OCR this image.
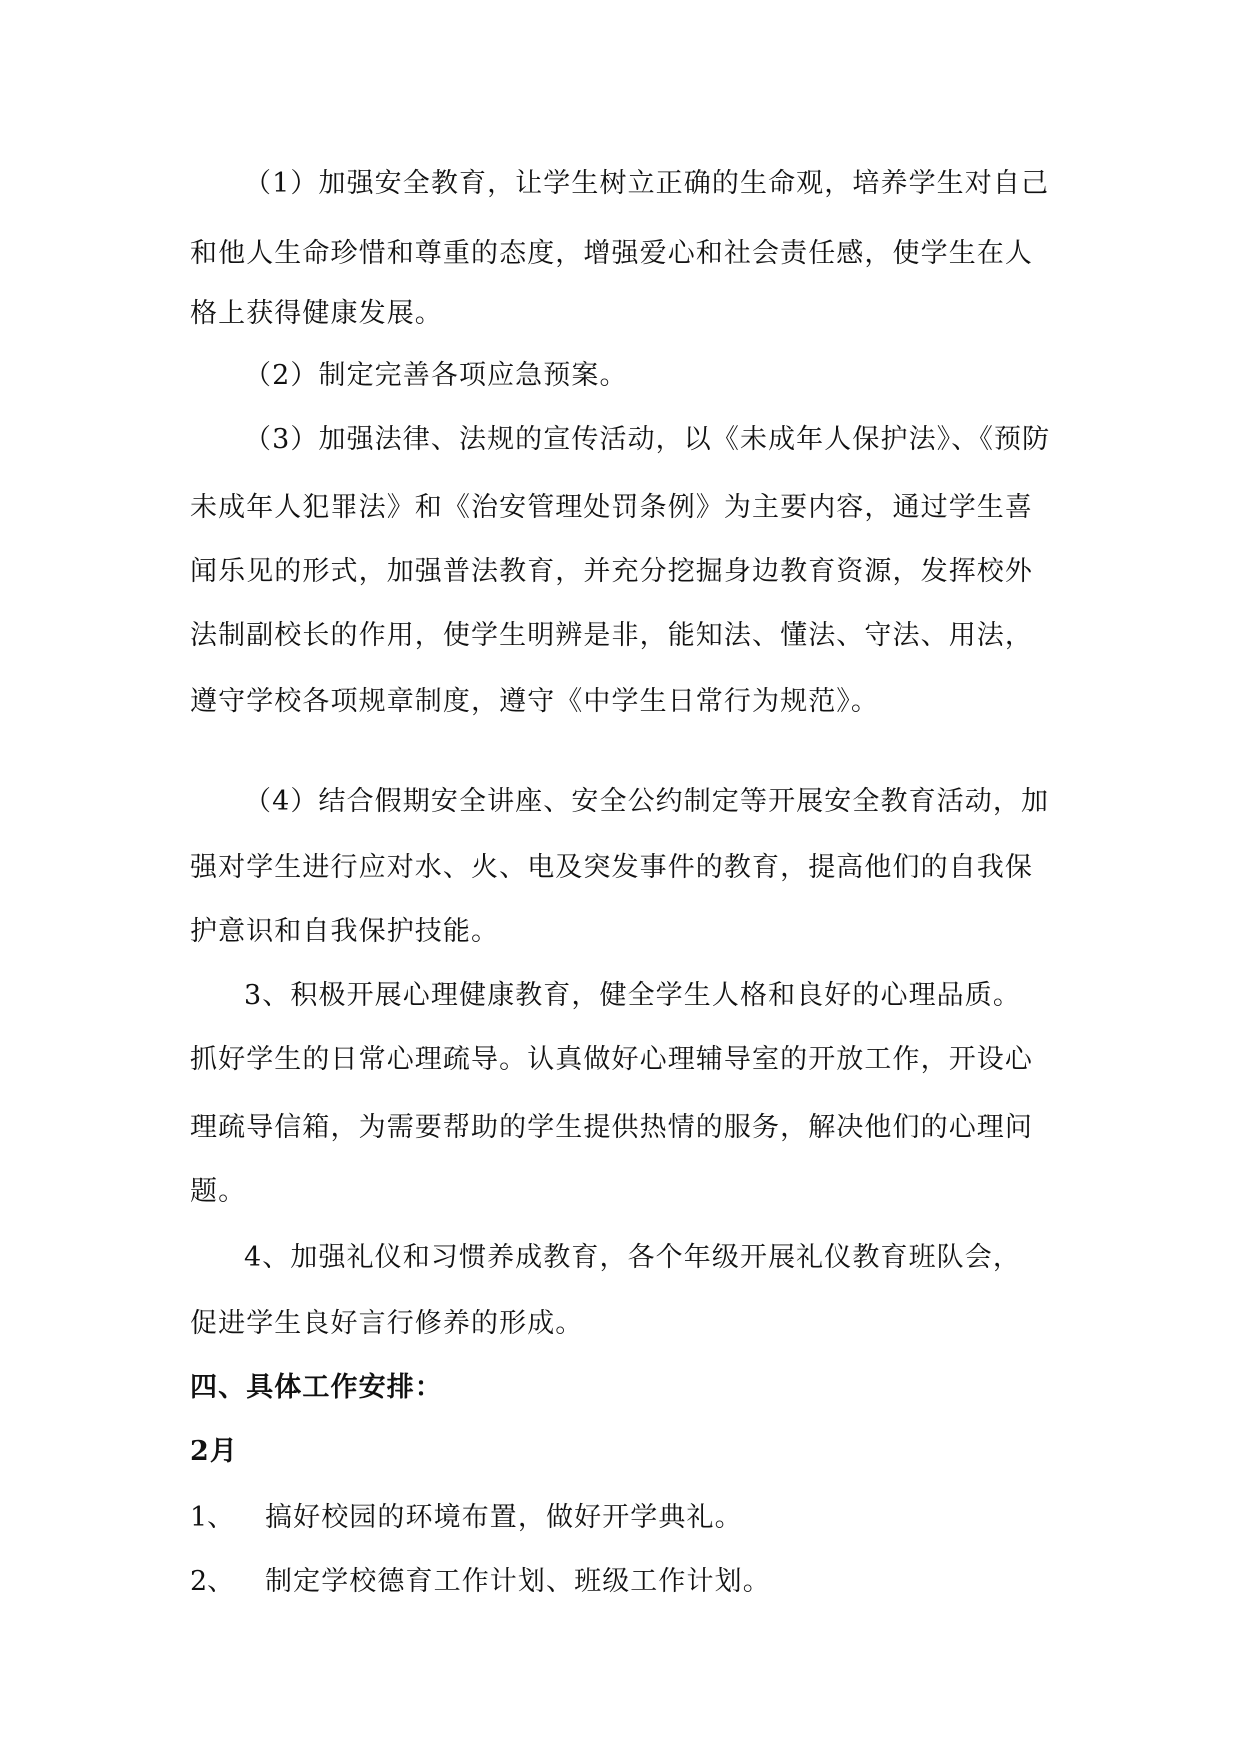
（1）加强安全教育，让学生树立正确的生命观，培养学生对自己
和他人生命珍惜和尊重的态度，增强爱心和社会责任感，使学生在人
格上获得健康发展。
（2）制定完善各项应急预案。
（3）加强法律、法规的宣传活动，以《未成年人保护法》、《预防
未成年人犯罪法》和《治安管理处罚条例》为主要内容，通过学生喜
闻乐见的形式，加强普法教育，并充分挖掘身边教育资源，发挥校外
法制副校长的作用，使学生明辨是非，能知法、懂法、守法、用法，
遵守学校各项规章制度，遵守《中学生日常行为规范》。
（4）结合假期安全讲座、安全公约制定等开展安全教育活动，加
强对学生进行应对水、火、电及突发事件的教育，提高他们的自我保
护意识和自我保护技能。
3、积极开展心理健康教育，健全学生人格和良好的心理品质。
抓好学生的日常心理疏导。认真做好心理辅导室的开放工作，开设心
理疏导信箱，为需要帮助的学生提供热情的服务，解决他们的心理问
题。
4、加强礼仪和习惯养成教育，各个年级开展礼仪教育班队会，
促进学生良好言行修养的形成。
四、具体工作安排：
2月
1、 搞好校园的环境布置，做好开学典礼。
2、 制定学校德育工作计划、班级工作计划。
